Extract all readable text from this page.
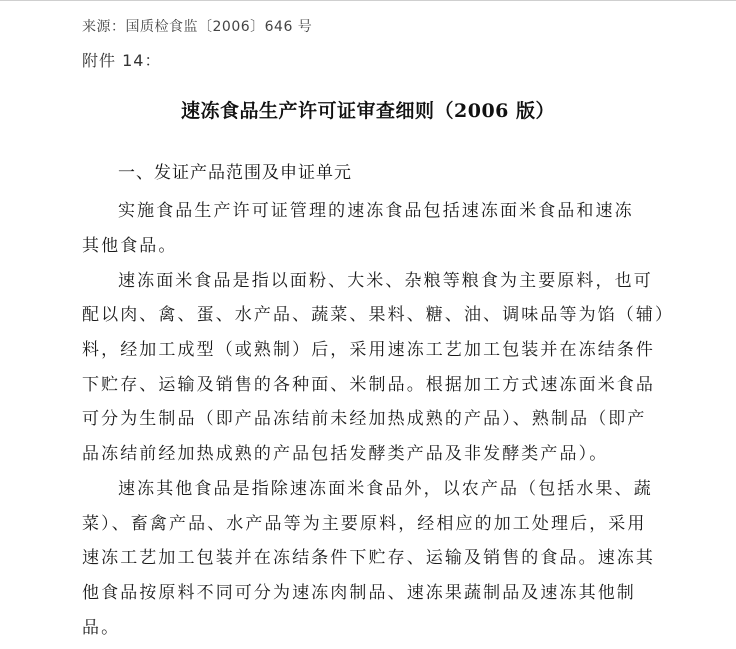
来源：国质检食监〔2006〕646 号
附件 14：
速冻食品生产许可证审查细则（2006 版）
一、发证产品范围及申证单元
实施食品生产许可证管理的速冻食品包括速冻面米食品和速冻
其他食品。
速冻面米食品是指以面粉、大米、杂粮等粮食为主要原料，也可
配以肉、禽、蛋、水产品、蔬菜、果料、糖、油、调味品等为馅（辅）
料，经加工成型（或熟制）后，采用速冻工艺加工包装并在冻结条件
下贮存、运输及销售的各种面、米制品。根据加工方式速冻面米食品
可分为生制品（即产品冻结前未经加热成熟的产品）、熟制品（即产
品冻结前经加热成熟的产品包括发酵类产品及非发酵类产品）。
速冻其他食品是指除速冻面米食品外，以农产品（包括水果、蔬
菜）、畜禽产品、水产品等为主要原料，经相应的加工处理后，采用
速冻工艺加工包装并在冻结条件下贮存、运输及销售的食品。速冻其
他食品按原料不同可分为速冻肉制品、速冻果蔬制品及速冻其他制
品。
